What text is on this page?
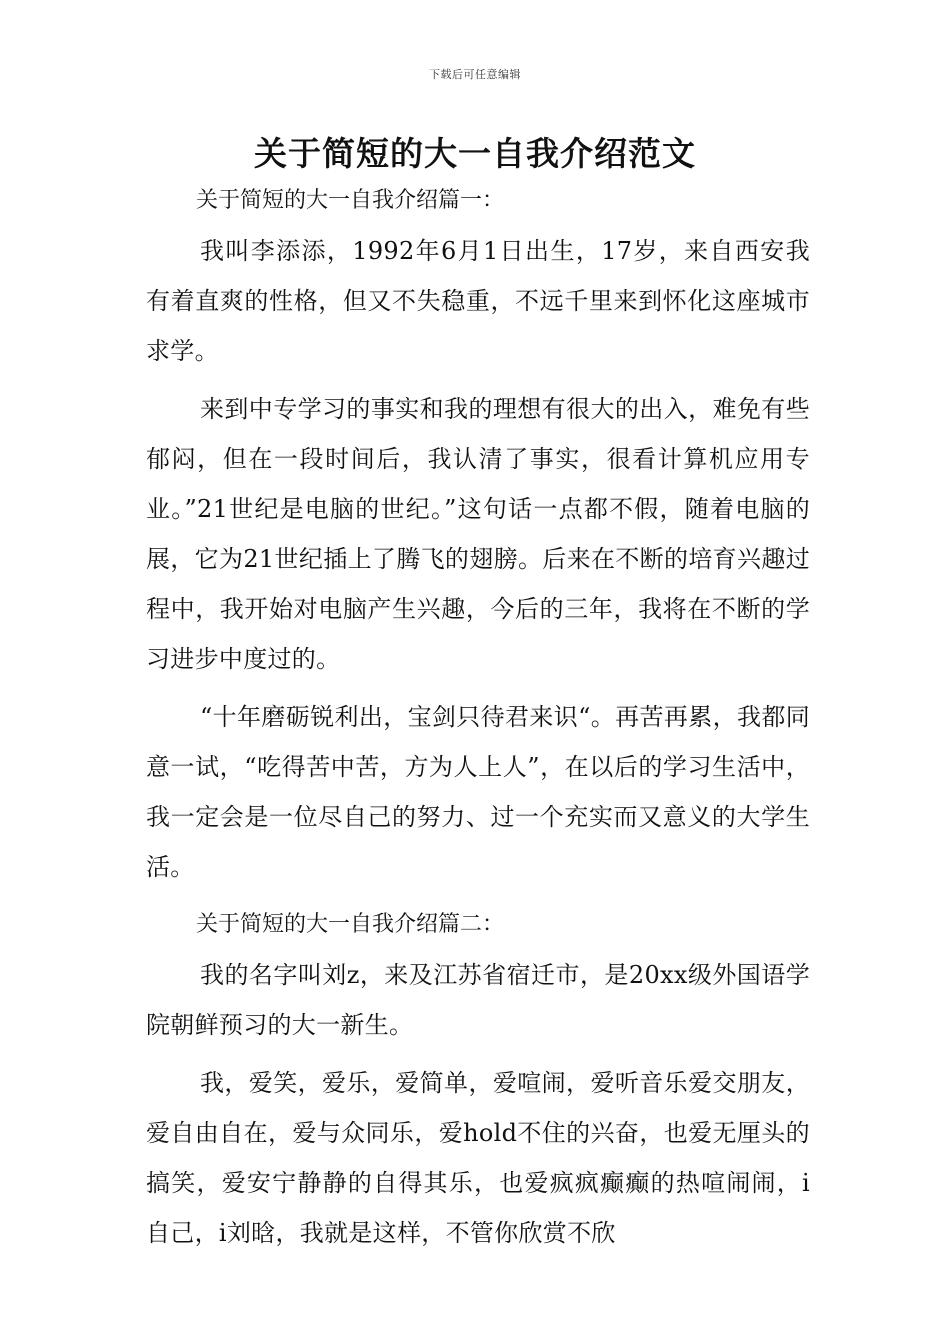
下载后可任意编辑
关于简短的大一自我介绍范文

关于简短的大一自我介绍篇一：

我叫李添添，1992年6月1日出生，17岁，来自西安我有着直爽的性格，但又不失稳重，不远千里来到怀化这座城市求学。

来到中专学习的事实和我的理想有很大的出入，难免有些郁闷，但在一段时间后，我认清了事实，很看计算机应用专业。”21世纪是电脑的世纪。”这句话一点都不假，随着电脑的展，它为21世纪插上了腾飞的翅膀。后来在不断的培育兴趣过程中，我开始对电脑产生兴趣，今后的三年，我将在不断的学习进步中度过的。

“十年磨砺锐利出，宝剑只待君来识“。再苦再累，我都同意一试，“吃得苦中苦，方为人上人”，在以后的学习生活中，我一定会是一位尽自己的努力、过一个充实而又意义的大学生活。

关于简短的大一自我介绍篇二：

我的名字叫刘z，来及江苏省宿迁市，是20xx级外国语学院朝鲜预习的大一新生。

我，爱笑，爱乐，爱简单，爱喧闹，爱听音乐爱交朋友，爱自由自在，爱与众同乐，爱hold不住的兴奋，也爱无厘头的搞笑，爱安宁静静的自得其乐，也爱疯疯癫癫的热喧闹闹，i自己，i刘晗，我就是这样，不管你欣赏不欣
